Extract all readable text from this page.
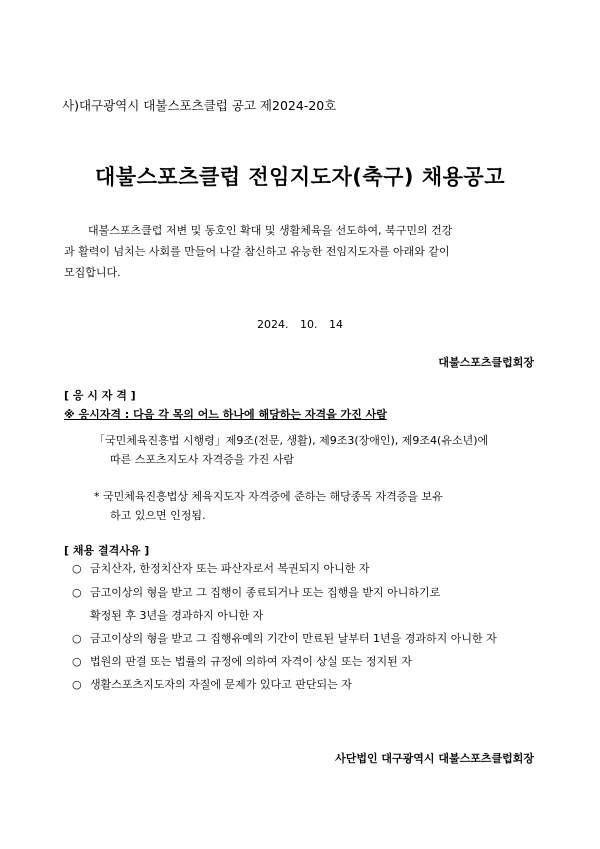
사)대구광역시 대불스포츠클럽 공고 제2024-20호
대불스포츠클럽 전임지도자(축구) 채용공고
대불스포츠클럽 저변 및 동호인 확대 및 생활체육을 선도하여, 북구민의 건강
과 활력이 넘치는 사회를 만들어 나갈 참신하고 유능한 전임지도자를 아래와 같이
모집합니다.
2024. 10. 14
대불스포츠클럽회장
[ 응 시 자 격 ]
※ 응시자격 : 다음 각 목의 어느 하나에 해당하는 자격을 가진 사람
「국민체육진흥법 시행령」제9조(전문, 생활), 제9조3(장애인), 제9조4(유소년)에
따른 스포츠지도사 자격증을 가진 사람
* 국민체육진흥법상 체육지도자 자격증에 준하는 해당종목 자격증을 보유
하고 있으면 인정됨.
[ 채용 결격사유 ]
○ 금치산자, 한정치산자 또는 파산자로서 복권되지 아니한 자
○ 금고이상의 형을 받고 그 집행이 종료되거나 또는 집행을 받지 아니하기로
확정된 후 3년을 경과하지 아니한 자
○ 금고이상의 형을 받고 그 집행유예의 기간이 만료된 날부터 1년을 경과하지 아니한 자
○ 법원의 판결 또는 법률의 규정에 의하여 자격이 상실 또는 정지된 자
○ 생활스포츠지도자의 자질에 문제가 있다고 판단되는 자
사단법인 대구광역시 대불스포츠클럽회장
